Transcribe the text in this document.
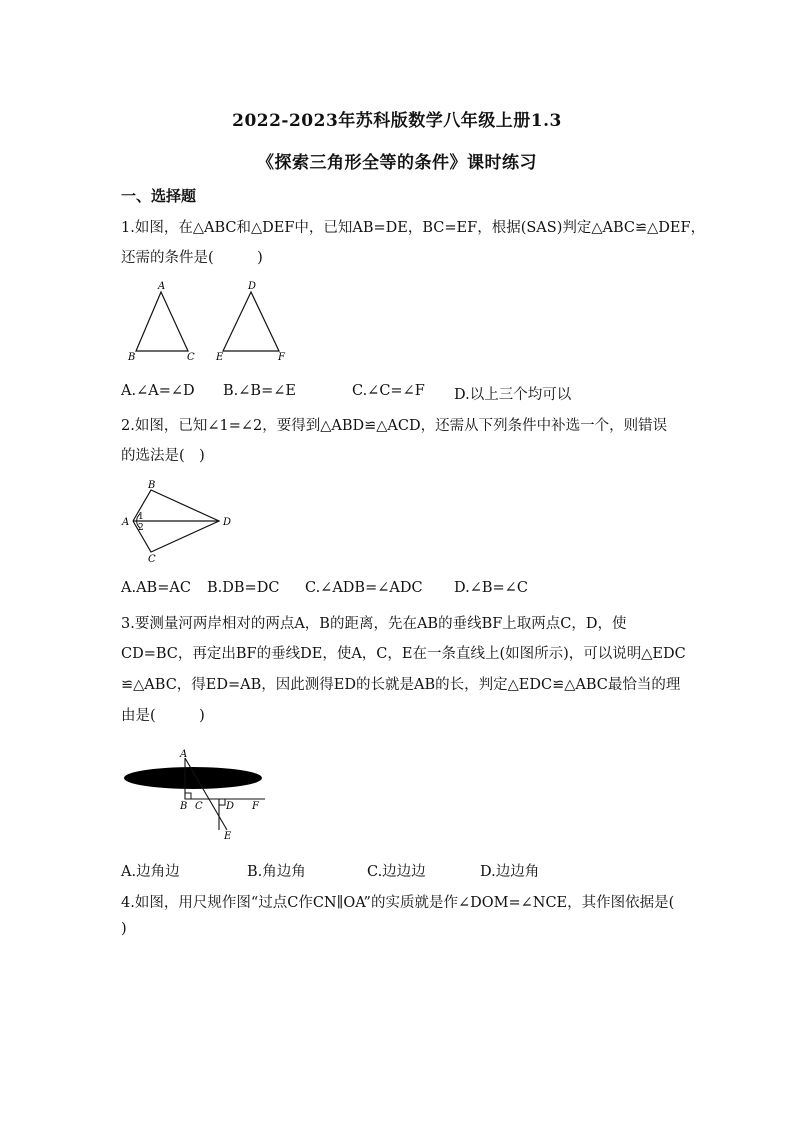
2022-2023年苏科版数学八年级上册1.3
《探索三角形全等的条件》课时练习
一、选择题
1.如图，在△ABC和△DEF中，已知AB=DE，BC=EF，根据(SAS)判定△ABC≌△DEF，
还需的条件是(　　　)
A
B	C
D
E	F
A.∠A=∠D B.∠B=∠E	C.∠C=∠F D.以上三个均可以
2.如图，已知∠1=∠2，要得到△ABD≌△ACD，还需从下列条件中补选一个，则错误
的选法是(　)
A
B
C
D
1
2
A.AB=AC B.DB=DC C.∠ADB=∠ADC D.∠B=∠C
3.要测量河两岸相对的两点A，B的距离，先在AB的垂线BF上取两点C，D，使
CD=BC，再定出BF的垂线DE，使A，C，E在一条直线上(如图所示)，可以说明△EDC
≌△ABC，得ED=AB，因此测得ED的长就是AB的长，判定△EDC≌△ABC最恰当的理
由是(　　　)
A
B C D F
E
A.边角边	B.角边角	C.边边边	D.边边角
4.如图，用尺规作图“过点C作CN∥OA”的实质就是作∠DOM=∠NCE，其作图依据是(
)
